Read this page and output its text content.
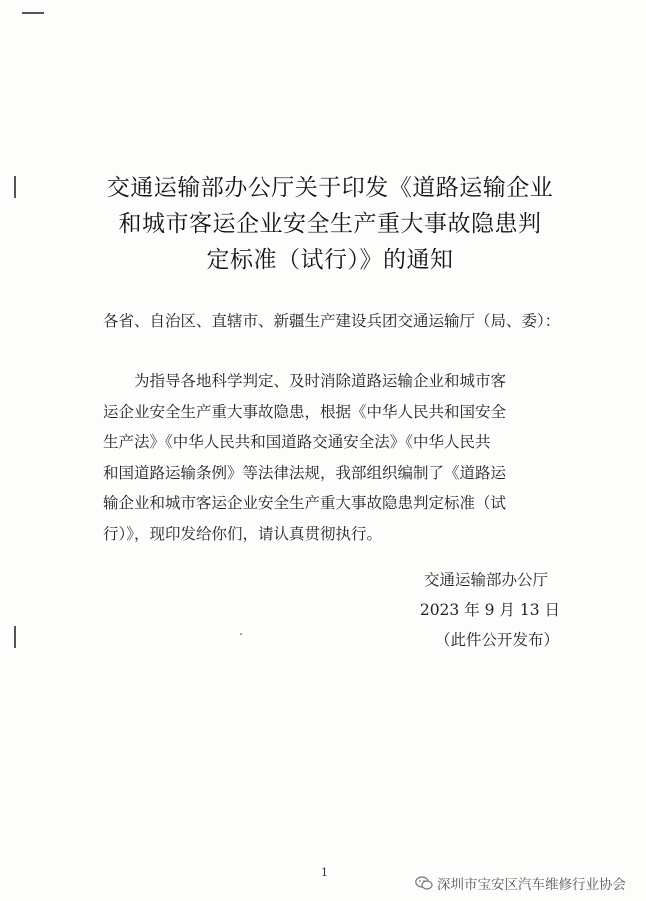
交通运输部办公厅关于印发《道路运输企业
和城市客运企业安全生产重大事故隐患判
定标准（试行）》的通知
各省、自治区、直辖市、新疆生产建设兵团交通运输厅（局、委）：
　　为指导各地科学判定、及时消除道路运输企业和城市客
运企业安全生产重大事故隐患，根据《中华人民共和国安全
生产法》《中华人民共和国道路交通安全法》《中华人民共
和国道路运输条例》等法律法规，我部组织编制了《道路运
输企业和城市客运企业安全生产重大事故隐患判定标准（试
行）》，现印发给你们，请认真贯彻执行。
交通运输部办公厅
2023 年 9 月 13 日
（此件公开发布）
1
深圳市宝安区汽车维修行业协会
